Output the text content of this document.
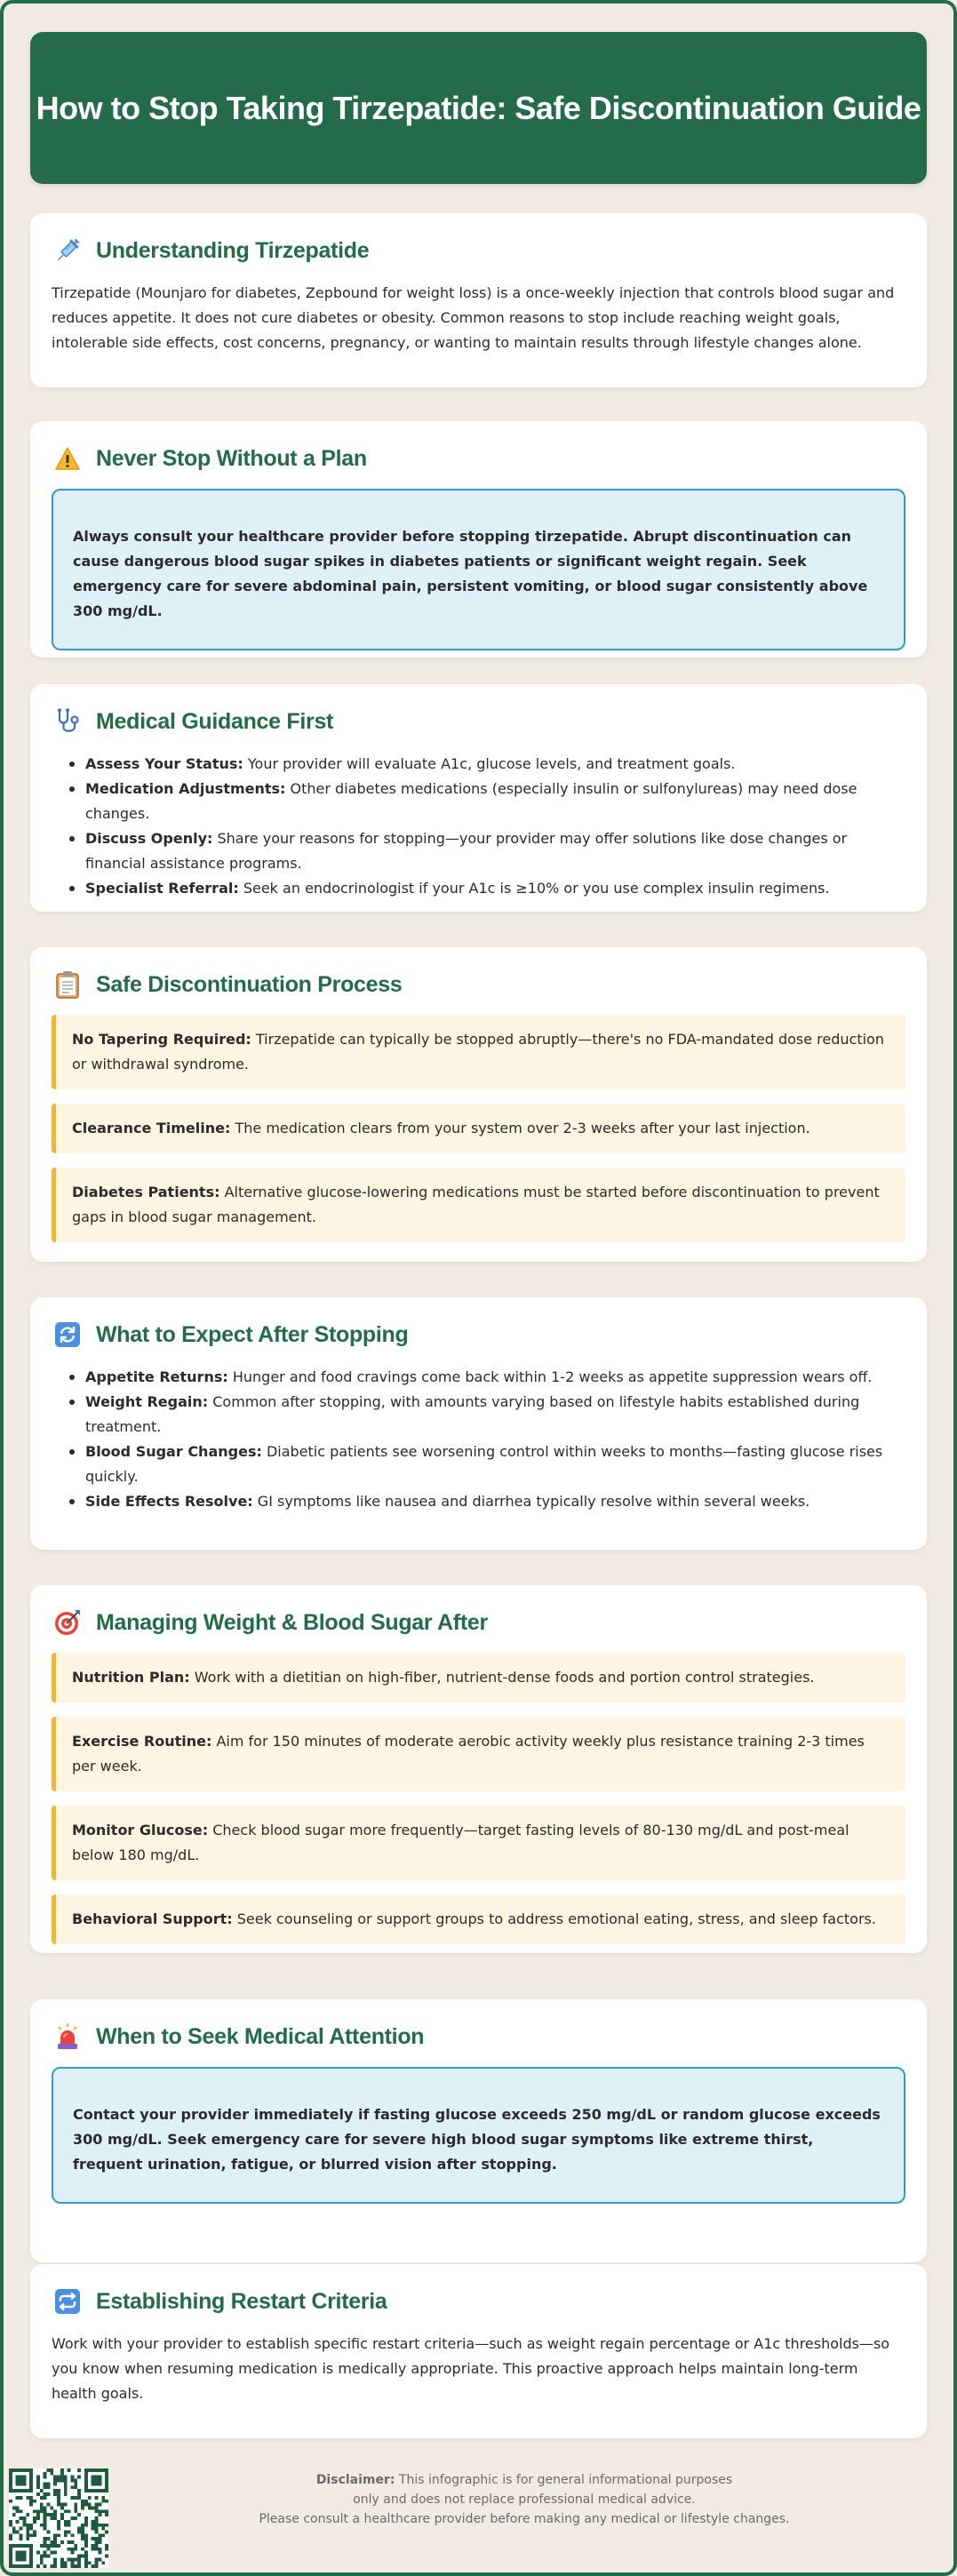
How to Stop Taking Tirzepatide: Safe Discontinuation Guide
Understanding Tirzepatide

Tirzepatide (Mounjaro for diabetes, Zepbound for weight loss) is a once-weekly injection that controls blood sugar and reduces appetite. It does not cure diabetes or obesity. Common reasons to stop include reaching weight goals, intolerable side effects, cost concerns, pregnancy, or wanting to maintain results through lifestyle changes alone.

Never Stop Without a Plan
Always consult your healthcare provider before stopping tirzepatide. Abrupt discontinuation can cause dangerous blood sugar spikes in diabetes patients or significant weight regain. Seek emergency care for severe abdominal pain, persistent vomiting, or blood sugar consistently above 300 mg/dL.
Medical Guidance First
Assess Your Status: Your provider will evaluate A1c, glucose levels, and treatment goals.
Medication Adjustments: Other diabetes medications (especially insulin or sulfonylureas) may need dose changes.
Discuss Openly: Share your reasons for stopping—your provider may offer solutions like dose changes or financial assistance programs.
Specialist Referral: Seek an endocrinologist if your A1c is ≥10% or you use complex insulin regimens.
Safe Discontinuation Process
No Tapering Required: Tirzepatide can typically be stopped abruptly—there's no FDA-mandated dose reduction or withdrawal syndrome.
Clearance Timeline: The medication clears from your system over 2-3 weeks after your last injection.
Diabetes Patients: Alternative glucose-lowering medications must be started before discontinuation to prevent gaps in blood sugar management.
What to Expect After Stopping
Appetite Returns: Hunger and food cravings come back within 1-2 weeks as appetite suppression wears off.
Weight Regain: Common after stopping, with amounts varying based on lifestyle habits established during treatment.
Blood Sugar Changes: Diabetic patients see worsening control within weeks to months—fasting glucose rises quickly.
Side Effects Resolve: GI symptoms like nausea and diarrhea typically resolve within several weeks.
Managing Weight & Blood Sugar After
Nutrition Plan: Work with a dietitian on high-fiber, nutrient-dense foods and portion control strategies.
Exercise Routine: Aim for 150 minutes of moderate aerobic activity weekly plus resistance training 2-3 times per week.
Monitor Glucose: Check blood sugar more frequently—target fasting levels of 80-130 mg/dL and post-meal below 180 mg/dL.
Behavioral Support: Seek counseling or support groups to address emotional eating, stress, and sleep factors.
When to Seek Medical Attention
Contact your provider immediately if fasting glucose exceeds 250 mg/dL or random glucose exceeds 300 mg/dL. Seek emergency care for severe high blood sugar symptoms like extreme thirst, frequent urination, fatigue, or blurred vision after stopping.
Establishing Restart Criteria

Work with your provider to establish specific restart criteria—such as weight regain percentage or A1c thresholds—so you know when resuming medication is medically appropriate. This proactive approach helps maintain long-term health goals.

Disclaimer: This infographic is for general informational purposes
only and does not replace professional medical advice.
Please consult a healthcare provider before making any medical or lifestyle changes.
